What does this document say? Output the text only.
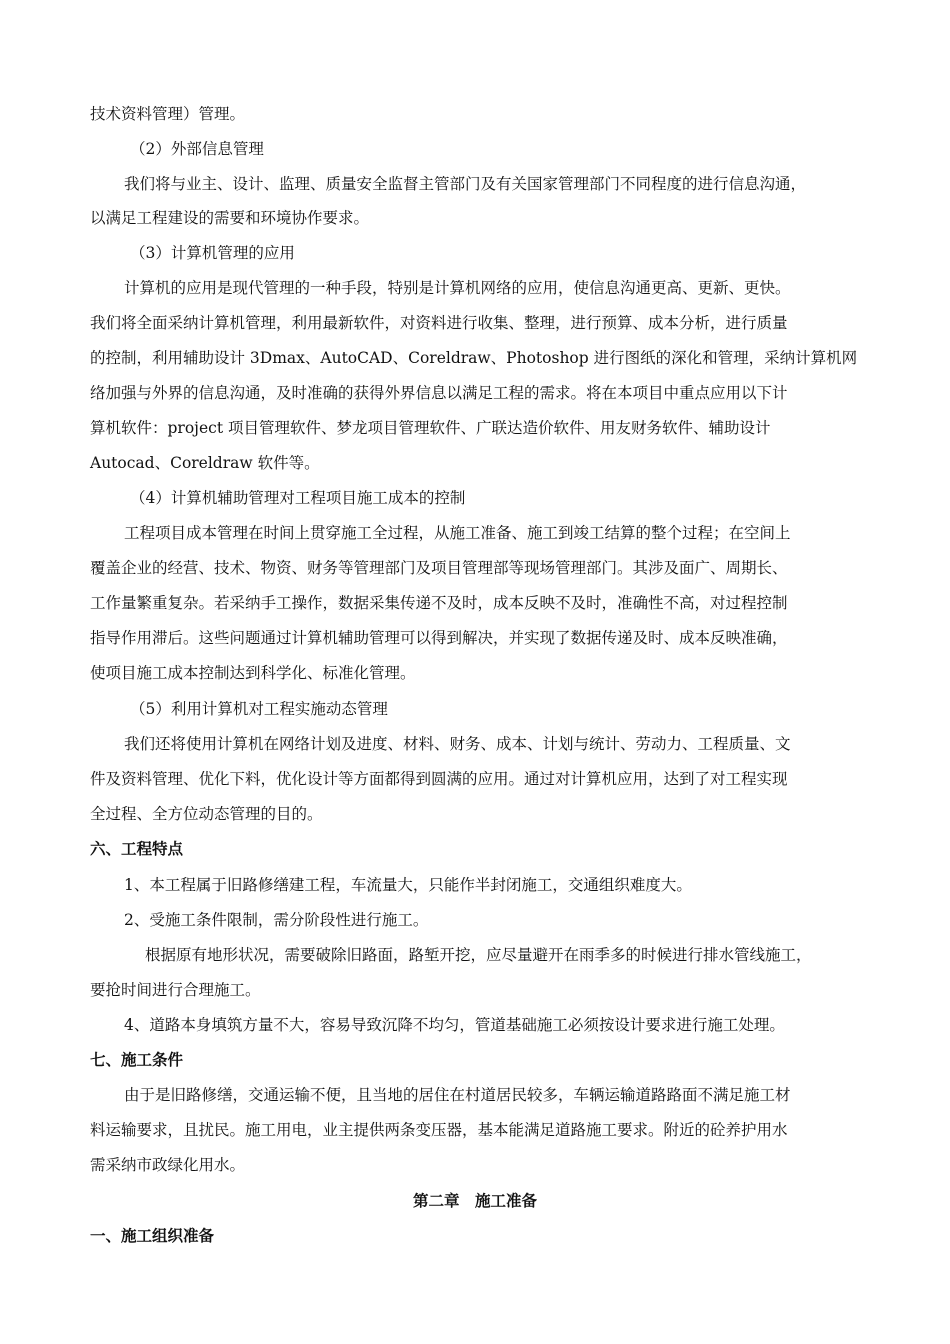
技术资料管理）管理。
（2）外部信息管理
我们将与业主、设计、监理、质量安全监督主管部门及有关国家管理部门不同程度的进行信息沟通，
以满足工程建设的需要和环境协作要求。
（3）计算机管理的应用
计算机的应用是现代管理的一种手段，特别是计算机网络的应用，使信息沟通更高、更新、更快。
我们将全面采纳计算机管理，利用最新软件，对资料进行收集、整理，进行预算、成本分析，进行质量
的控制，利用辅助设计 3Dmax、AutoCAD、Coreldraw、Photoshop 进行图纸的深化和管理，采纳计算机网
络加强与外界的信息沟通，及时准确的获得外界信息以满足工程的需求。将在本项目中重点应用以下计
算机软件：project 项目管理软件、梦龙项目管理软件、广联达造价软件、用友财务软件、辅助设计
Autocad、Coreldraw 软件等。
（4）计算机辅助管理对工程项目施工成本的控制
工程项目成本管理在时间上贯穿施工全过程，从施工准备、施工到竣工结算的整个过程；在空间上
覆盖企业的经营、技术、物资、财务等管理部门及项目管理部等现场管理部门。其涉及面广、周期长、
工作量繁重复杂。若采纳手工操作，数据采集传递不及时，成本反映不及时，准确性不高，对过程控制
指导作用滞后。这些问题通过计算机辅助管理可以得到解决，并实现了数据传递及时、成本反映准确，
使项目施工成本控制达到科学化、标准化管理。
（5）利用计算机对工程实施动态管理
我们还将使用计算机在网络计划及进度、材料、财务、成本、计划与统计、劳动力、工程质量、文
件及资料管理、优化下料，优化设计等方面都得到圆满的应用。通过对计算机应用，达到了对工程实现
全过程、全方位动态管理的目的。
六、工程特点
1、本工程属于旧路修缮建工程，车流量大，只能作半封闭施工，交通组织难度大。
2、受施工条件限制，需分阶段性进行施工。
根据原有地形状况，需要破除旧路面，路堑开挖，应尽量避开在雨季多的时候进行排水管线施工，
要抢时间进行合理施工。
4、道路本身填筑方量不大，容易导致沉降不均匀，管道基础施工必须按设计要求进行施工处理。
七、施工条件
由于是旧路修缮，交通运输不便，且当地的居住在村道居民较多，车辆运输道路路面不满足施工材
料运输要求，且扰民。施工用电，业主提供两条变压器，基本能满足道路施工要求。附近的砼养护用水
需采纳市政绿化用水。
第二章　施工准备
一、施工组织准备
